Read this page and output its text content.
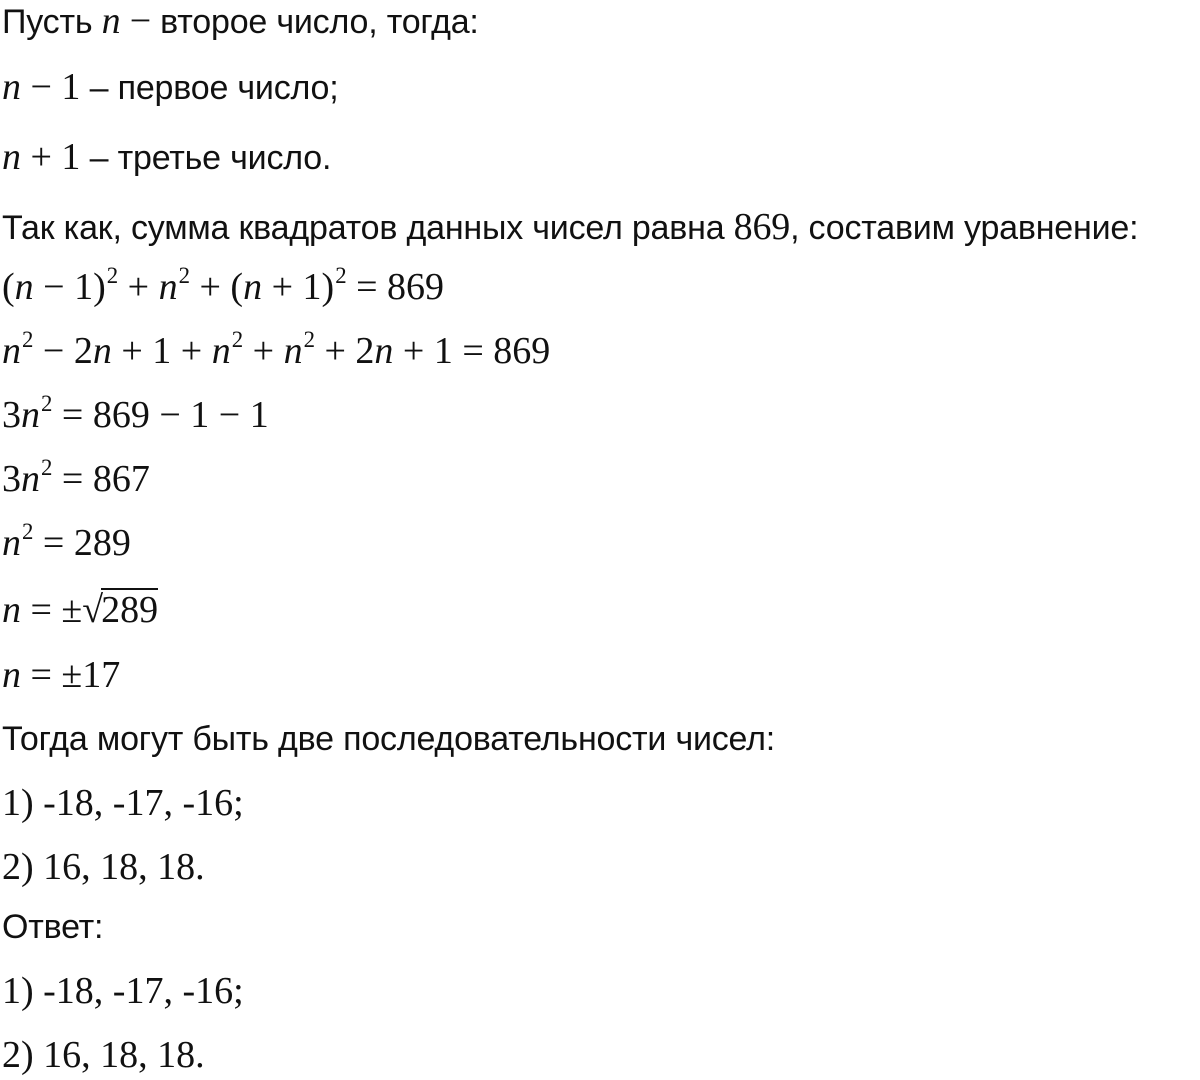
Пусть n − второе число, тогда:
n − 1 – первое число;
n + 1 – третье число.
Так как, сумма квадратов данных чисел равна 869, составим уравнение:
$(n - 1)^2 + n^2 + (n + 1)^2 = 869$
$n^2 - 2n + 1 + n^2 + n^2 + 2n + 1 = 869$
$3n^2 = 869 - 1 - 1$
$3n^2 = 867$
$n^2 = 289$
n = ±√289
n = ±17
Тогда могут быть две последовательности чисел:
1) -18, -17, -16;
2) 16, 18, 18.
Ответ:
1) -18, -17, -16;
2) 16, 18, 18.
